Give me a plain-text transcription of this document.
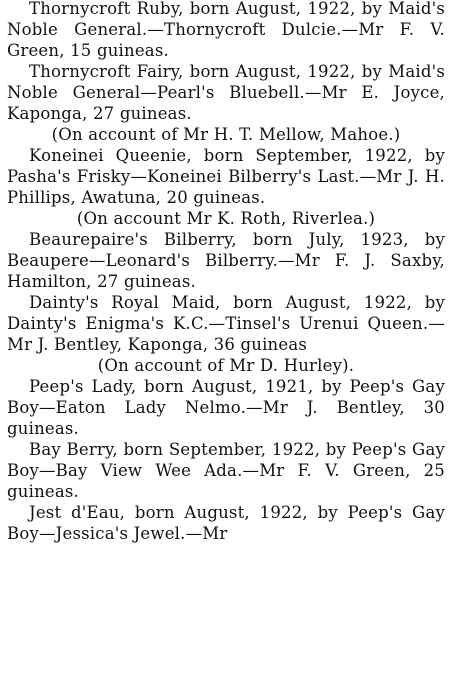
Thornycroft Ruby, born August, 1922, by Maid's Noble General.—Thornycroft Dulcie.—Mr F. V. Green, 15 guineas.

Thornycroft Fairy, born August, 1922, by Maid's Noble General—Pearl's Bluebell.—Mr E. Joyce, Kaponga, 27 guineas.

(On account of Mr H. T. Mellow, Mahoe.)

Koneinei Queenie, born September, 1922, by Pasha's Frisky—Koneinei Bilberry's Last.—Mr J. H. Phillips, Awatuna, 20 guineas.

(On account Mr K. Roth, Riverlea.)

Beaurepaire's Bilberry, born July, 1923, by Beaupere—Leonard's Bilberry.—Mr F. J. Saxby, Hamilton, 27 guineas.

Dainty's Royal Maid, born August, 1922, by Dainty's Enigma's K.C.—Tinsel's Urenui Queen.—Mr J. Bentley, Kaponga, 36 guineas

(On account of Mr D. Hurley).

Peep's Lady, born August, 1921, by Peep's Gay Boy—Eaton Lady Nelmo.—Mr J. Bentley, 30 guineas.

Bay Berry, born September, 1922, by Peep's Gay Boy—Bay View Wee Ada.—Mr F. V. Green, 25 guineas.

Jest d'Eau, born August, 1922, by Peep's Gay Boy—Jessica's Jewel.—Mr
